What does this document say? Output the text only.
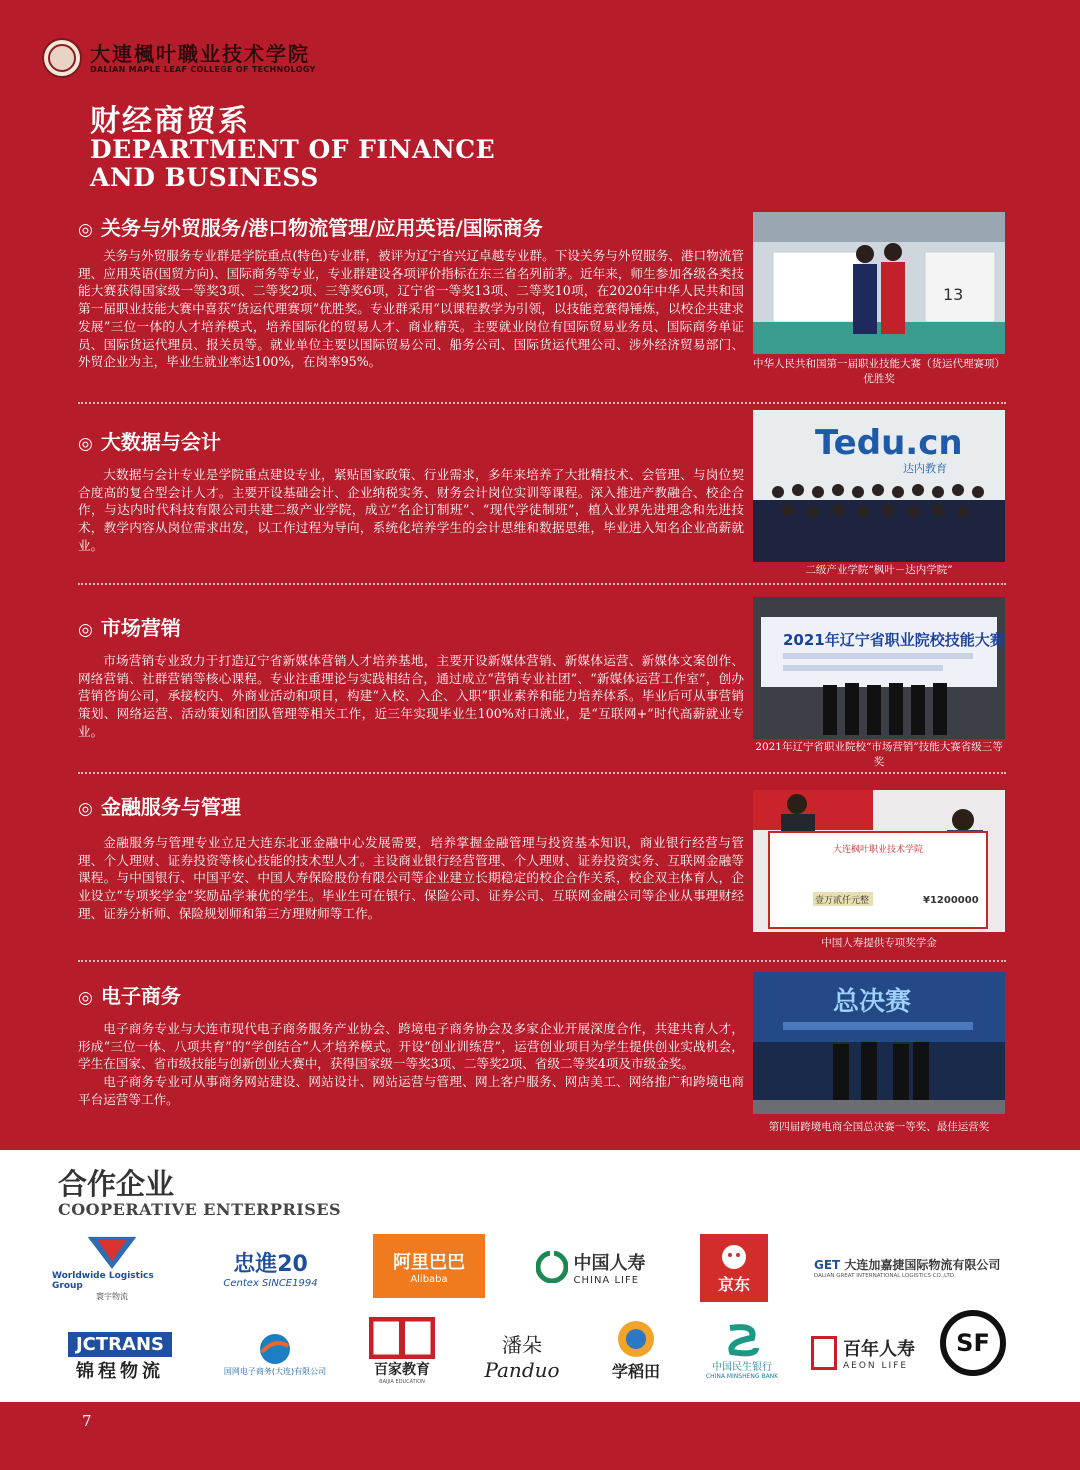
大連楓叶職业技术学院
DALIAN MAPLE LEAF COLLEGE OF TECHNOLOGY
财经商贸系
DEPARTMENT OF FINANCE
AND BUSINESS
◎ 关务与外贸服务/港口物流管理/应用英语/国际商务

关务与外贸服务专业群是学院重点(特色)专业群，被评为辽宁省兴辽卓越专业群。下设关务与外贸服务、港口物流管理、应用英语(国贸方向)、国际商务等专业，专业群建设各项评价指标在东三省名列前茅。近年来，师生参加各级各类技能大赛获得国家级一等奖3项、二等奖2项、三等奖6项，辽宁省一等奖13项、二等奖10项，在2020年中华人民共和国第一届职业技能大赛中喜获“货运代理赛项”优胜奖。专业群采用“以课程教学为引领，以技能竞赛得锤炼，以校企共建求发展”三位一体的人才培养模式，培养国际化的贸易人才、商业精英。主要就业岗位有国际贸易业务员、国际商务单证员、国际货运代理员、报关员等。就业单位主要以国际贸易公司、船务公司、国际货运代理公司、涉外经济贸易部门、外贸企业为主，毕业生就业率达100%，在岗率95%。

13
中华人民共和国第一届职业技能大赛（货运代理赛项）优胜奖
◎ 大数据与会计

大数据与会计专业是学院重点建设专业，紧贴国家政策、行业需求，多年来培养了大批精技术、会管理、与岗位契合度高的复合型会计人才。主要开设基础会计、企业纳税实务、财务会计岗位实训等课程。深入推进产教融合、校企合作，与达内时代科技有限公司共建二级产业学院，成立“名企订制班”、“现代学徒制班”，植入业界先进理念和先进技术，教学内容从岗位需求出发，以工作过程为导向，系统化培养学生的会计思维和数据思维，毕业进入知名企业高薪就业。

Tedu.cn
达内教育
二级产业学院“枫叶－达内学院”
◎ 市场营销

市场营销专业致力于打造辽宁省新媒体营销人才培养基地，主要开设新媒体营销、新媒体运营、新媒体文案创作、网络营销、社群营销等核心课程。专业注重理论与实践相结合，通过成立“营销专业社团”、“新媒体运营工作室”，创办营销咨询公司，承接校内、外商业活动和项目，构建“入校、入企、入职”职业素养和能力培养体系。毕业后可从事营销策划、网络运营、活动策划和团队管理等相关工作，近三年实现毕业生100%对口就业，是“互联网+”时代高薪就业专业。

2021年辽宁省职业院校技能大赛
2021年辽宁省职业院校“市场营销”技能大赛省级三等奖
◎ 金融服务与管理

金融服务与管理专业立足大连东北亚金融中心发展需要，培养掌握金融管理与投资基本知识，商业银行经营与管理、个人理财、证券投资等核心技能的技术型人才。主设商业银行经营管理、个人理财、证券投资实务、互联网金融等课程。与中国银行、中国平安、中国人寿保险股份有限公司等企业建立长期稳定的校企合作关系，校企双主体育人，企业设立“专项奖学金”奖励品学兼优的学生。毕业生可在银行、保险公司、证券公司、互联网金融公司等企业从事理财经理、证券分析师、保险规划师和第三方理财师等工作。

大连枫叶职业技术学院
壹万贰仟元整	¥1200000
中国人寿提供专项奖学金
◎ 电子商务

电子商务专业与大连市现代电子商务服务产业协会、跨境电子商务协会及多家企业开展深度合作，共建共育人才，形成“三位一体、八项共育”的“学创结合”人才培养模式。开设“创业训练营”，运营创业项目为学生提供创业实战机会，学生在国家、省市级技能与创新创业大赛中，获得国家级一等奖3项、二等奖2项、省级二等奖4项及市级金奖。

电子商务专业可从事商务网站建设、网站设计、网站运营与管理、网上客户服务、网店美工、网络推广和跨境电商平台运营等工作。

总决赛
第四届跨境电商全国总决赛一等奖、最佳运营奖
合作企业
COOPERATIVE ENTERPRISES
Worldwide Logistics Group
寰宇物流
忠進20
Centex SINCE1994
阿里巴巴
Alibaba
中国人寿
CHINA LIFE	京东
GET 大连加嘉捷国际物流有限公司
DALIAN GREAT INTERNATIONAL LOGISTICS CO.,LTD.
JCTRANS
锦程物流	国网电子商务(大连)有限公司	百家教育
BAIJIA EDUCATION
潘朵
Panduo	学稻田	中国民生银行
CHINA MINSHENG BANK
百年人寿
AEON LIFE
SF
7
